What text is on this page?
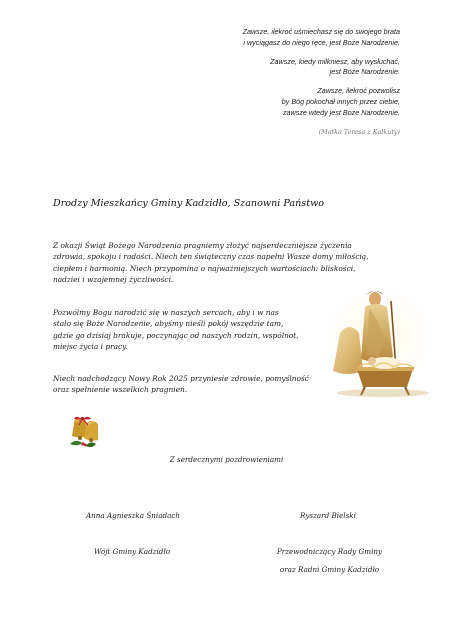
Zawsze, ilekroć uśmiechasz się do swojego brata
i wyciągasz do niego ręce, jest Boże Narodzenie.
Zawsze, kiedy milkniesz, aby wysłuchać,
jest Boże Narodzenie.
Zawsze, ilekroć pozwolisz
by Bóg pokochał innych przez ciebie,
zawsze wtedy jest Boże Narodzenie.
(Matka Teresa z Kalkuty)
Drodzy Mieszkańcy Gminy Kadzidło, Szanowni Państwo
Z okazji Świąt Bożego Narodzenia pragniemy złożyć najserdeczniejsze życzenia
zdrowia, spokoju i radości. Niech ten świąteczny czas napełni Wasze domy miłością,
ciepłem i harmonią. Niech przypomina o najważniejszych wartościach: bliskości,
nadziei i wzajemnej życzliwości.
Pozwólmy Bogu narodzić się w naszych sercach, aby i w nas
stało się Boże Narodzenie, abyśmy nieśli pokój wszędzie tam,
gdzie go dzisiaj brakuje, poczynając od naszych rodzin, wspólnot,
miejsc życia i pracy.
Niech nadchodzący Nowy Rok 2025 przyniesie zdrowie, pomyślność
oraz spełnienie wszelkich pragnień.
Z serdecznymi pozdrowieniami
Anna Agnieszka Śniadach
Wójt Gminy Kadzidło
Ryszard Bielski
Przewodniczący Rady Gminy
oraz Radni Gminy Kadzidło
